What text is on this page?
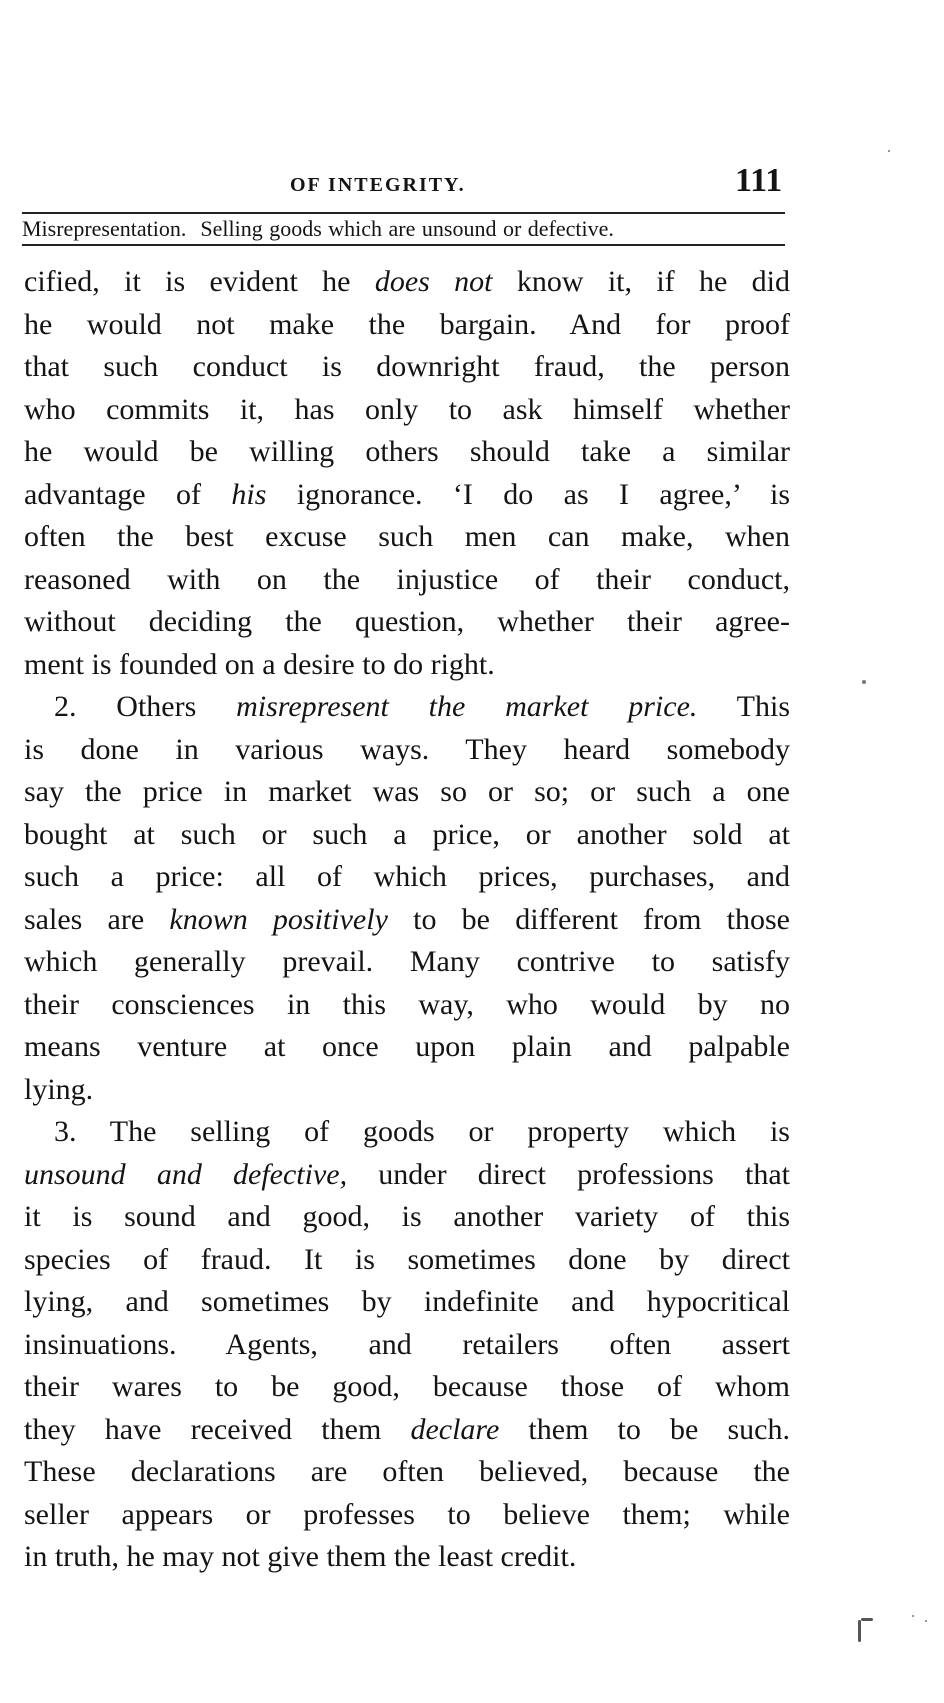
OF INTEGRITY.	111
Misrepresentation. Selling goods which are unsound or defective.
cified, it is evident he does not know it, if he did
he would not make the bargain. And for proof
that such conduct is downright fraud, the person
who commits it, has only to ask himself whether
he would be willing others should take a similar
advantage of his ignorance. ‘I do as I agree,’ is
often the best excuse such men can make, when
reasoned with on the injustice of their conduct,
without deciding the question, whether their agree-
ment is founded on a desire to do right.
2. Others misrepresent the market price. This
is done in various ways. They heard somebody
say the price in market was so or so; or such a one
bought at such or such a price, or another sold at
such a price: all of which prices, purchases, and
sales are known positively to be different from those
which generally prevail. Many contrive to satisfy
their consciences in this way, who would by no
means venture at once upon plain and palpable
lying.
3. The selling of goods or property which is
unsound and defective, under direct professions that
it is sound and good, is another variety of this
species of fraud. It is sometimes done by direct
lying, and sometimes by indefinite and hypocritical
insinuations. Agents, and retailers often assert
their wares to be good, because those of whom
they have received them declare them to be such.
These declarations are often believed, because the
seller appears or professes to believe them; while
in truth, he may not give them the least credit.
